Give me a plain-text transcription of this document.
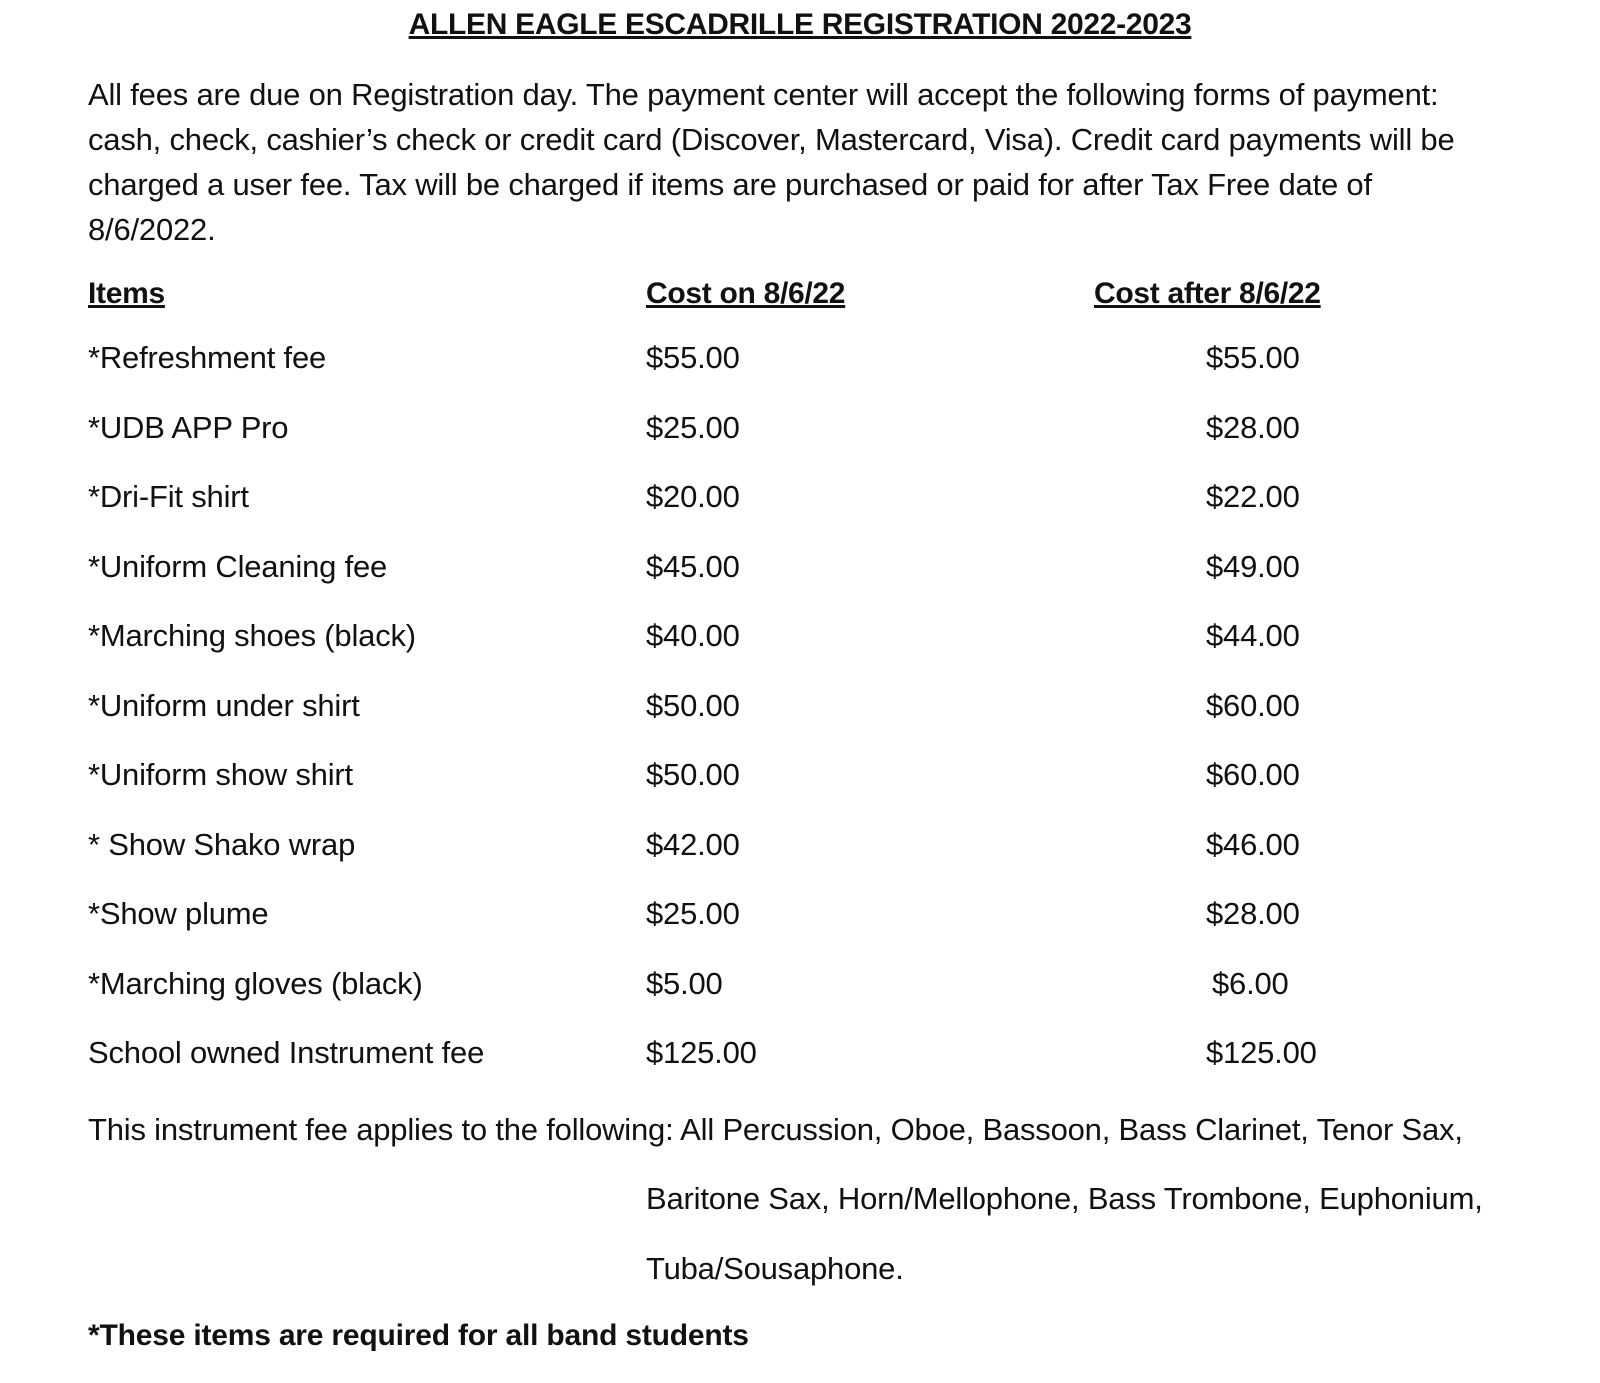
ALLEN EAGLE ESCADRILLE REGISTRATION 2022-2023
All fees are due on Registration day. The payment center will accept the following forms of payment:
cash, check, cashier’s check or credit card (Discover, Mastercard, Visa). Credit card payments will be
charged a user fee. Tax will be charged if items are purchased or paid for after Tax Free date of
8/6/2022.
Items	Cost on 8/6/22	Cost after 8/6/22
*Refreshment fee	$55.00	$55.00
*UDB APP Pro	$25.00	$28.00
*Dri-Fit shirt	$20.00	$22.00
*Uniform Cleaning fee	$45.00	$49.00
*Marching shoes (black)	$40.00	$44.00
*Uniform under shirt	$50.00	$60.00
*Uniform show shirt	$50.00	$60.00
* Show Shako wrap	$42.00	$46.00
*Show plume	$25.00	$28.00
*Marching gloves (black)	$5.00	$6.00
School owned Instrument fee	$125.00	$125.00
This instrument fee applies to the following: All Percussion, Oboe, Bassoon, Bass Clarinet, Tenor Sax,
Baritone Sax, Horn/Mellophone, Bass Trombone, Euphonium,
Tuba/Sousaphone.
*These items are required for all band students
